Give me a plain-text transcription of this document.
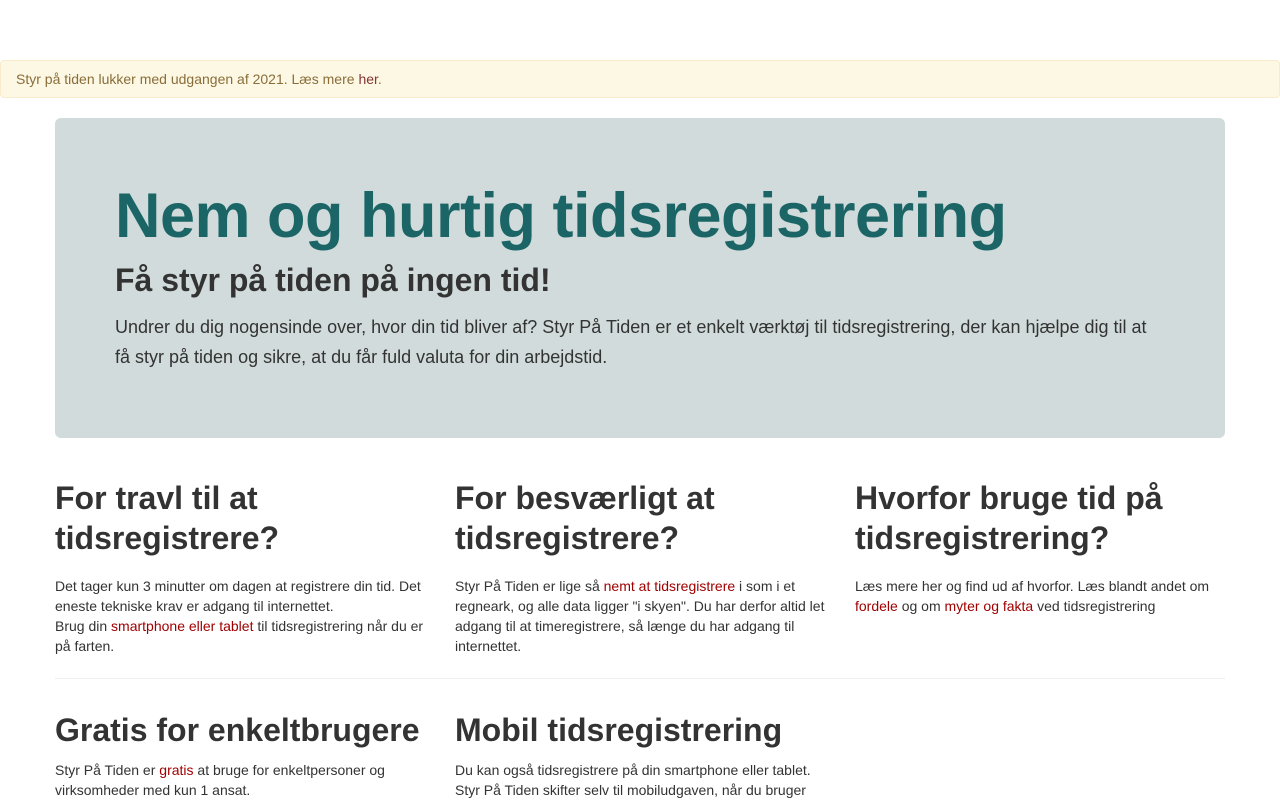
Styr på tiden lukker med udgangen af 2021. Læs mere her.
Nem og hurtig tidsregistrering
Få styr på tiden på ingen tid!

Undrer du dig nogensinde over, hvor din tid bliver af? Styr På Tiden er et enkelt værktøj til tidsregistrering, der kan hjælpe dig til at få styr på tiden og sikre, at du får fuld valuta for din arbejdstid.

For travl til at tidsregistrere?

Det tager kun 3 minutter om dagen at registrere din tid. Det eneste tekniske krav er adgang til internettet.
Brug din smartphone eller tablet til tidsregistrering når du er på farten.

For besværligt at tidsregistrere?

Styr På Tiden er lige så nemt at tidsregistrere i som i et regneark, og alle data ligger "i skyen". Du har derfor altid let adgang til at timeregistrere, så længe du har adgang til internettet.

Hvorfor bruge tid på tidsregistrering?

Læs mere her og find ud af hvorfor. Læs blandt andet om fordele og om myter og fakta ved tidsregistrering

Gratis for enkeltbrugere

Styr På Tiden er gratis at bruge for enkeltpersoner og virksomheder med kun 1 ansat.

Mobil tidsregistrering

Du kan også tidsregistrere på din smartphone eller tablet. Styr På Tiden skifter selv til mobiludgaven, når du bruger
